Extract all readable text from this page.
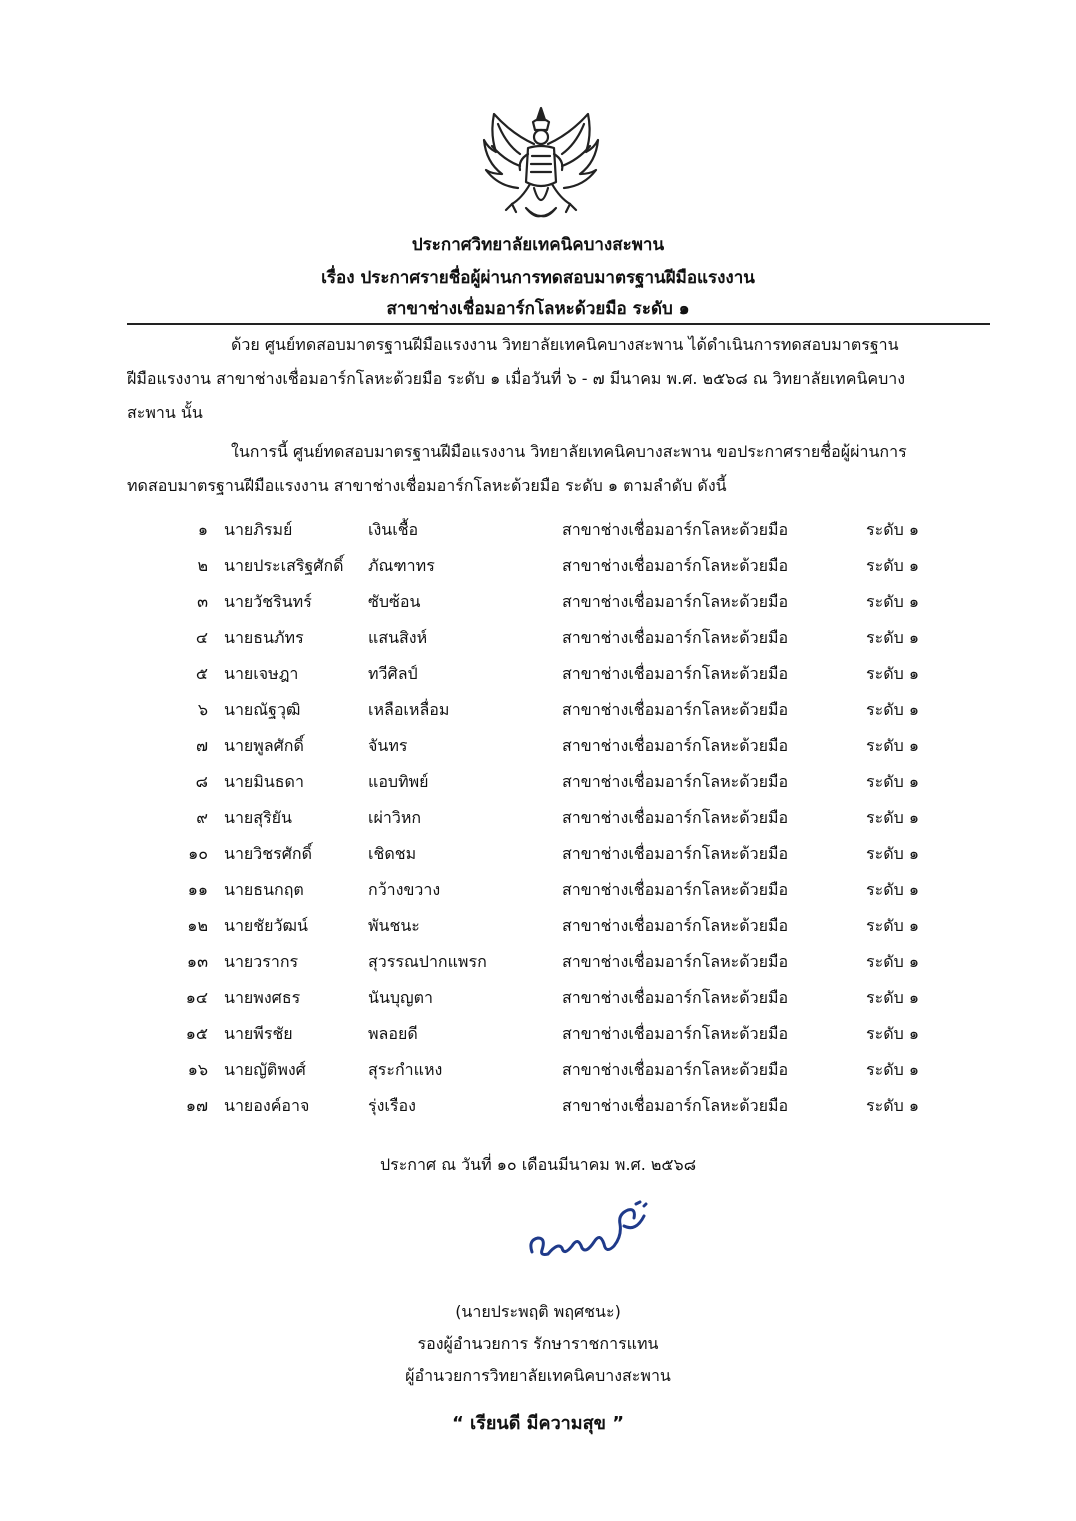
ประกาศวิทยาลัยเทคนิคบางสะพาน
เรื่อง ประกาศรายชื่อผู้ผ่านการทดสอบมาตรฐานฝีมือแรงงาน
สาขาช่างเชื่อมอาร์กโลหะด้วยมือ ระดับ ๑
ด้วย ศูนย์ทดสอบมาตรฐานฝีมือแรงงาน วิทยาลัยเทคนิคบางสะพาน ได้ดำเนินการทดสอบมาตรฐาน
ฝีมือแรงงาน สาขาช่างเชื่อมอาร์กโลหะด้วยมือ ระดับ ๑ เมื่อวันที่ ๖ - ๗ มีนาคม พ.ศ. ๒๕๖๘ ณ วิทยาลัยเทคนิคบาง
สะพาน นั้น
ในการนี้ ศูนย์ทดสอบมาตรฐานฝีมือแรงงาน วิทยาลัยเทคนิคบางสะพาน ขอประกาศรายชื่อผู้ผ่านการ
ทดสอบมาตรฐานฝีมือแรงงาน สาขาช่างเชื่อมอาร์กโลหะด้วยมือ ระดับ ๑ ตามลำดับ ดังนี้
๑ นายภิรมย์	เงินเชื้อ	สาขาช่างเชื่อมอาร์กโลหะด้วยมือ	ระดับ ๑
๒ นายประเสริฐศักดิ์ ภัณฑาทร	สาขาช่างเชื่อมอาร์กโลหะด้วยมือ	ระดับ ๑
๓ นายวัชรินทร์	ซับซ้อน	สาขาช่างเชื่อมอาร์กโลหะด้วยมือ	ระดับ ๑
๔ นายธนภัทร	แสนสิงห์	สาขาช่างเชื่อมอาร์กโลหะด้วยมือ	ระดับ ๑
๕ นายเจษฎา	ทวีศิลป์	สาขาช่างเชื่อมอาร์กโลหะด้วยมือ	ระดับ ๑
๖ นายณัฐวุฒิ	เหลือเหลื่อม	สาขาช่างเชื่อมอาร์กโลหะด้วยมือ	ระดับ ๑
๗ นายพูลศักดิ์	จันทร	สาขาช่างเชื่อมอาร์กโลหะด้วยมือ	ระดับ ๑
๘ นายมินธดา	แอบทิพย์	สาขาช่างเชื่อมอาร์กโลหะด้วยมือ	ระดับ ๑
๙ นายสุริยัน	เผ่าวิหก	สาขาช่างเชื่อมอาร์กโลหะด้วยมือ	ระดับ ๑
๑๐ นายวิชรศักดิ์	เชิดชม	สาขาช่างเชื่อมอาร์กโลหะด้วยมือ	ระดับ ๑
๑๑ นายธนกฤต	กว้างขวาง	สาขาช่างเชื่อมอาร์กโลหะด้วยมือ	ระดับ ๑
๑๒ นายชัยวัฒน์	พันชนะ	สาขาช่างเชื่อมอาร์กโลหะด้วยมือ	ระดับ ๑
๑๓ นายวรากร	สุวรรณปากแพรก	สาขาช่างเชื่อมอาร์กโลหะด้วยมือ	ระดับ ๑
๑๔ นายพงศธร	นันบุญตา	สาขาช่างเชื่อมอาร์กโลหะด้วยมือ	ระดับ ๑
๑๕ นายพีรชัย	พลอยดี	สาขาช่างเชื่อมอาร์กโลหะด้วยมือ	ระดับ ๑
๑๖ นายญัติพงศ์	สุระกำแหง	สาขาช่างเชื่อมอาร์กโลหะด้วยมือ	ระดับ ๑
๑๗ นายองค์อาจ	รุ่งเรือง	สาขาช่างเชื่อมอาร์กโลหะด้วยมือ	ระดับ ๑
ประกาศ ณ วันที่ ๑๐ เดือนมีนาคม พ.ศ. ๒๕๖๘
(นายประพฤติ พฤศชนะ)
รองผู้อำนวยการ รักษาราชการแทน
ผู้อำนวยการวิทยาลัยเทคนิคบางสะพาน
“ เรียนดี มีความสุข ”
